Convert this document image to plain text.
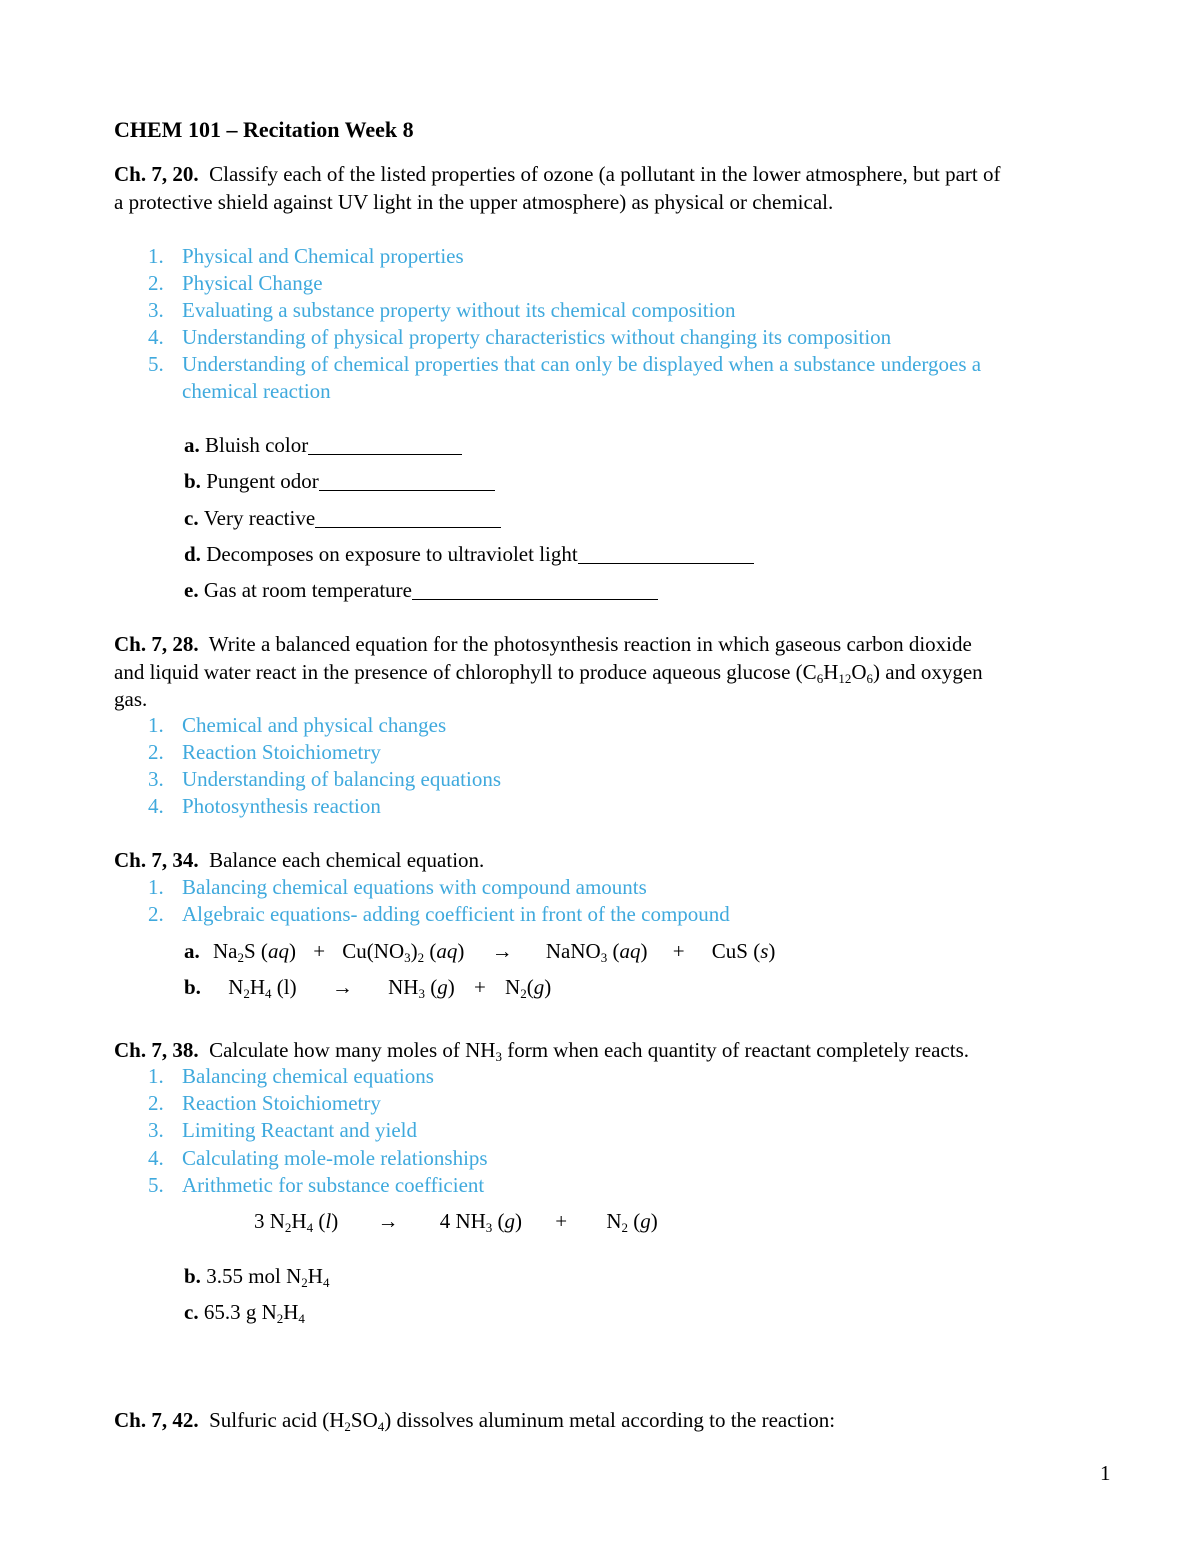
CHEM 101 – Recitation Week 8
Ch. 7, 20. Classify each of the listed properties of ozone (a pollutant in the lower atmosphere, but part of
a protective shield against UV light in the upper atmosphere) as physical or chemical.
1. Physical and Chemical properties
2. Physical Change
3. Evaluating a substance property without its chemical composition
4. Understanding of physical property characteristics without changing its composition
5. Understanding of chemical properties that can only be displayed when a substance undergoes a
chemical reaction
a. Bluish color
b. Pungent odor
c. Very reactive
d. Decomposes on exposure to ultraviolet light
e. Gas at room temperature
Ch. 7, 28. Write a balanced equation for the photosynthesis reaction in which gaseous carbon dioxide
and liquid water react in the presence of chlorophyll to produce aqueous glucose $(C_6H_{12}O_6)$ and oxygen
gas.
1. Chemical and physical changes
2. Reaction Stoichiometry
3. Understanding of balancing equations
4. Photosynthesis reaction
Ch. 7, 34. Balance each chemical equation.
1. Balancing chemical equations with compound amounts
2. Algebraic equations- adding coefficient in front of the compound
a. $Na_2S$ $(aq) + Cu(NO_3)_2$ (aq) → NaNO$_3$ (aq) + CuS (s)
b. $N_2H_4$ $(l) \to NH_3$ $(g) + N_2(g)$
Ch. 7, 38. Calculate how many moles of $NH_3$ form when each quantity of reactant completely reacts.
1. Balancing chemical equations
2. Reaction Stoichiometry
3. Limiting Reactant and yield
4. Calculating mole-mole relationships
5. Arithmetic for substance coefficient
3 $N_2H_4$ (l) → 4 $NH_3$ $(g) + N_2$ (g)
b. 3.55 mol $N_2H_4$
c. 65.3 g $N_2H_4$
Ch. 7, 42. Sulfuric acid $(H_2SO_4)$ dissolves aluminum metal according to the reaction:
1
